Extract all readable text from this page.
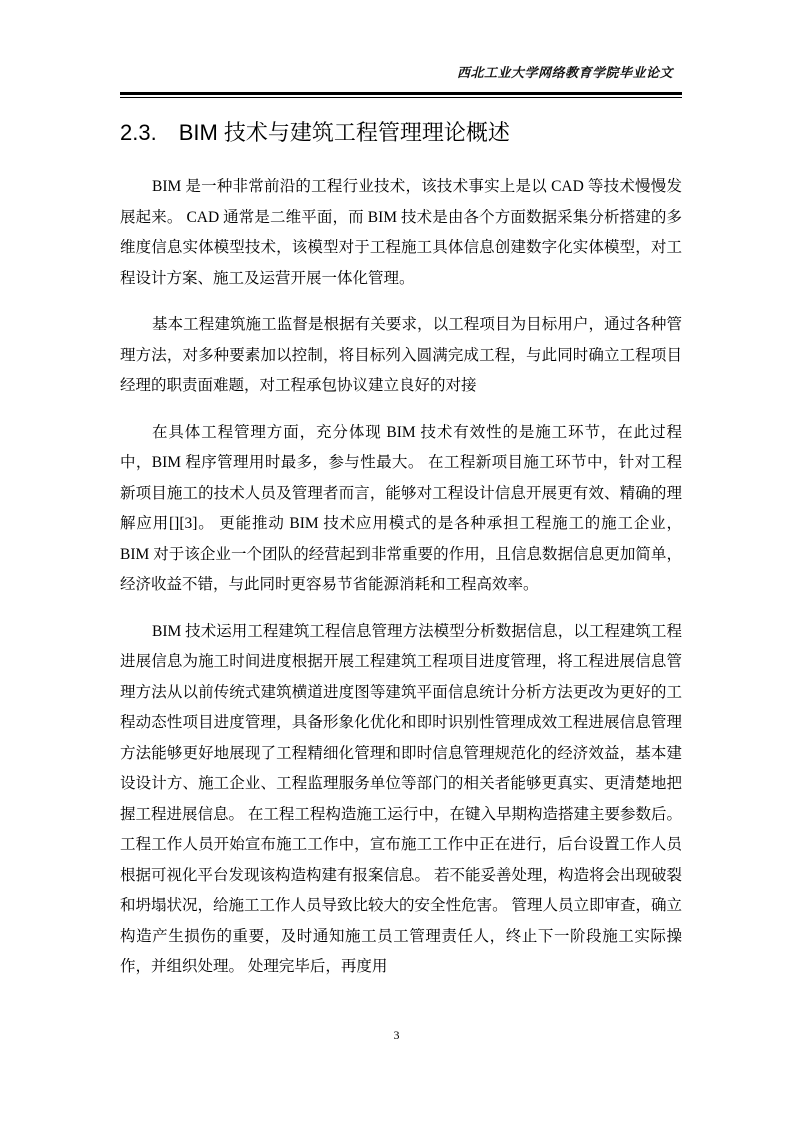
西北工业大学网络教育学院毕业论文
2.3. BIM 技术与建筑工程管理理论概述

BIM 是一种非常前沿的工程行业技术，该技术事实上是以 CAD 等技术慢慢发展起来。 CAD 通常是二维平面，而 BIM 技术是由各个方面数据采集分析搭建的多维度信息实体模型技术，该模型对于工程施工具体信息创建数字化实体模型，对工程设计方案、施工及运营开展一体化管理。

基本工程建筑施工监督是根据有关要求，以工程项目为目标用户，通过各种管理方法，对多种要素加以控制，将目标列入圆满完成工程，与此同时确立工程项目经理的职责面难题，对工程承包协议建立良好的对接

在具体工程管理方面，充分体现 BIM 技术有效性的是施工环节，在此过程中，BIM 程序管理用时最多，参与性最大。 在工程新项目施工环节中，针对工程新项目施工的技术人员及管理者而言，能够对工程设计信息开展更有效、精确的理解应用[][3]。 更能推动 BIM 技术应用模式的是各种承担工程施工的施工企业，BIM 对于该企业一个团队的经营起到非常重要的作用，且信息数据信息更加简单，经济收益不错，与此同时更容易节省能源消耗和工程高效率。

BIM 技术运用工程建筑工程信息管理方法模型分析数据信息，以工程建筑工程进展信息为施工时间进度根据开展工程建筑工程项目进度管理，将工程进展信息管理方法从以前传统式建筑横道进度图等建筑平面信息统计分析方法更改为更好的工程动态性项目进度管理，具备形象化优化和即时识别性管理成效工程进展信息管理方法能够更好地展现了工程精细化管理和即时信息管理规范化的经济效益，基本建设设计方、施工企业、工程监理服务单位等部门的相关者能够更真实、更清楚地把握工程进展信息。 在工程工程构造施工运行中，在键入早期构造搭建主要参数后。 工程工作人员开始宣布施工工作中，宣布施工工作中正在进行，后台设置工作人员根据可视化平台发现该构造构建有报案信息。 若不能妥善处理，构造将会出现破裂和坍塌状况，给施工工作人员导致比较大的安全性危害。 管理人员立即审查，确立构造产生损伤的重要，及时通知施工员工管理责任人，终止下一阶段施工实际操作，并组织处理。 处理完毕后，再度用

3
